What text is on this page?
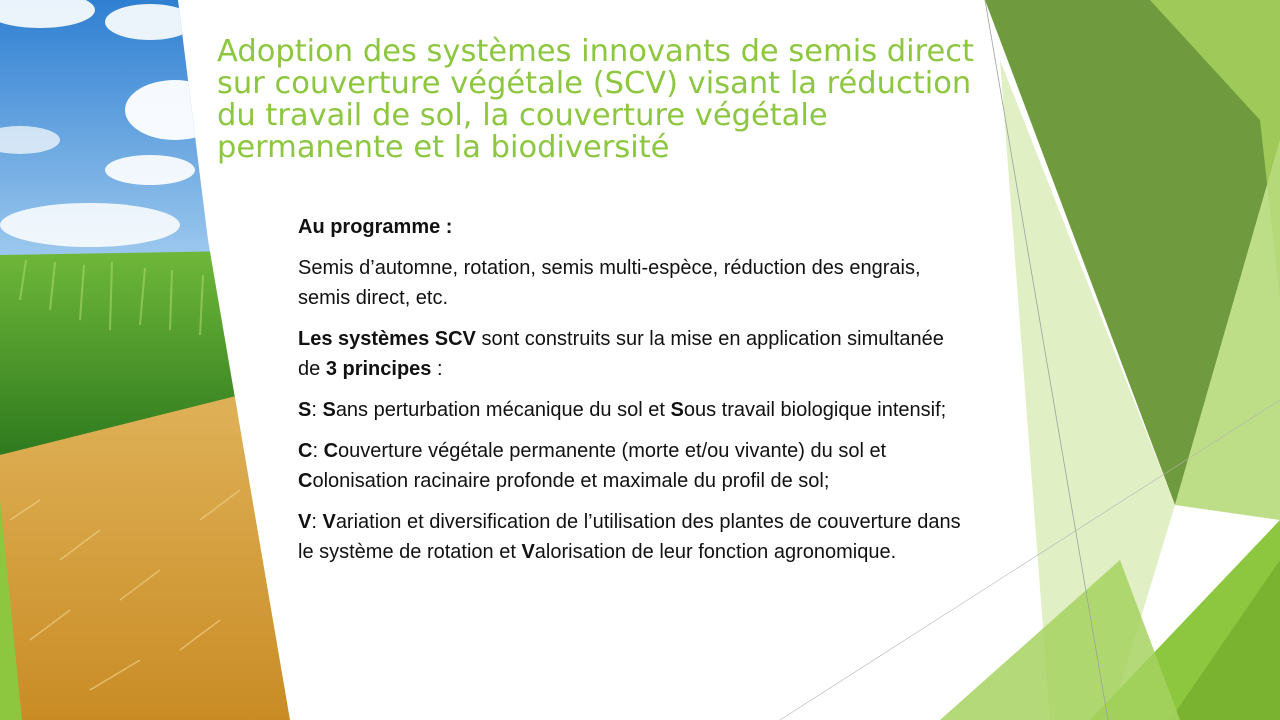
Adoption des systèmes innovants de semis direct sur couverture végétale (SCV) visant la réduction du travail de sol, la couverture végétale permanente et la biodiversité

Au programme :

Semis d’automne, rotation, semis multi-espèce, réduction des engrais, semis direct, etc.

Les systèmes SCV sont construits sur la mise en application simultanée de 3 principes :

S: Sans perturbation mécanique du sol et Sous travail biologique intensif;

C: Couverture végétale permanente (morte et/ou vivante) du sol et Colonisation racinaire profonde et maximale du profil de sol;

V: Variation et diversification de l’utilisation des plantes de couverture dans le système de rotation et Valorisation de leur fonction agronomique.
